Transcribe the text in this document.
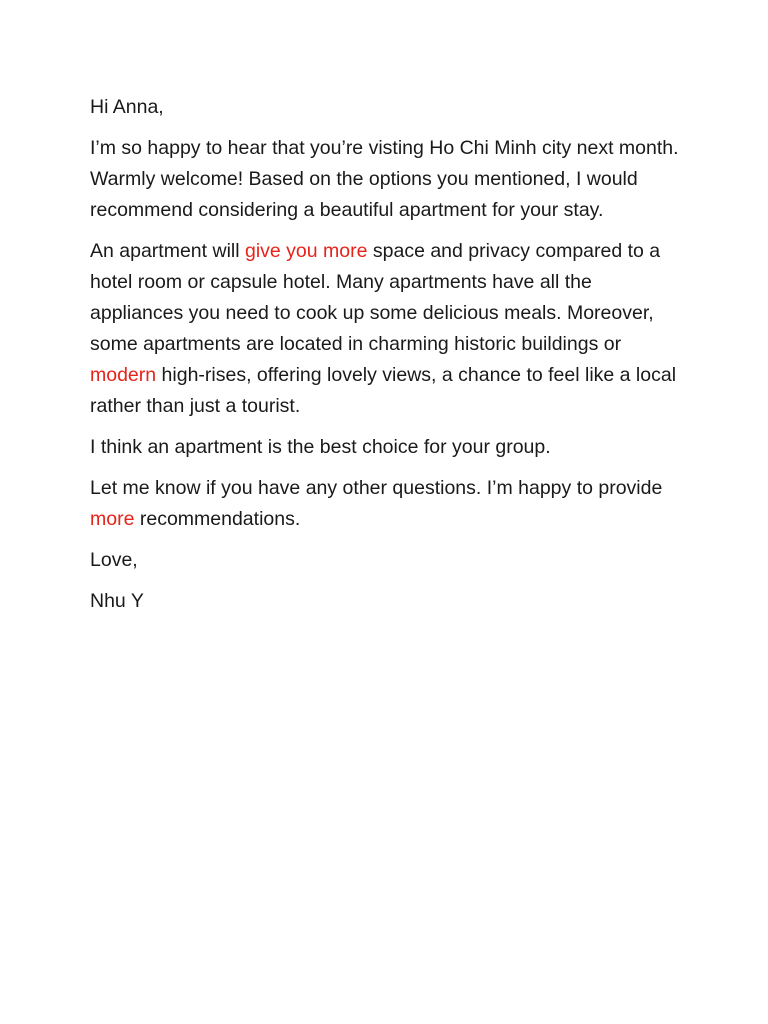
Hi Anna,

I’m so happy to hear that you’re visting Ho Chi Minh city next month. Warmly welcome! Based on the options you mentioned, I would recommend considering a beautiful apartment for your stay.

An apartment will give you more space and privacy compared to a hotel room or capsule hotel. Many apartments have all the appliances you need to cook up some delicious meals. Moreover, some apartments are located in charming historic buildings or modern high-rises, offering lovely views, a chance to feel like a local rather than just a tourist.

I think an apartment is the best choice for your group.

Let me know if you have any other questions. I’m happy to provide more recommendations.

Love,

Nhu Y
